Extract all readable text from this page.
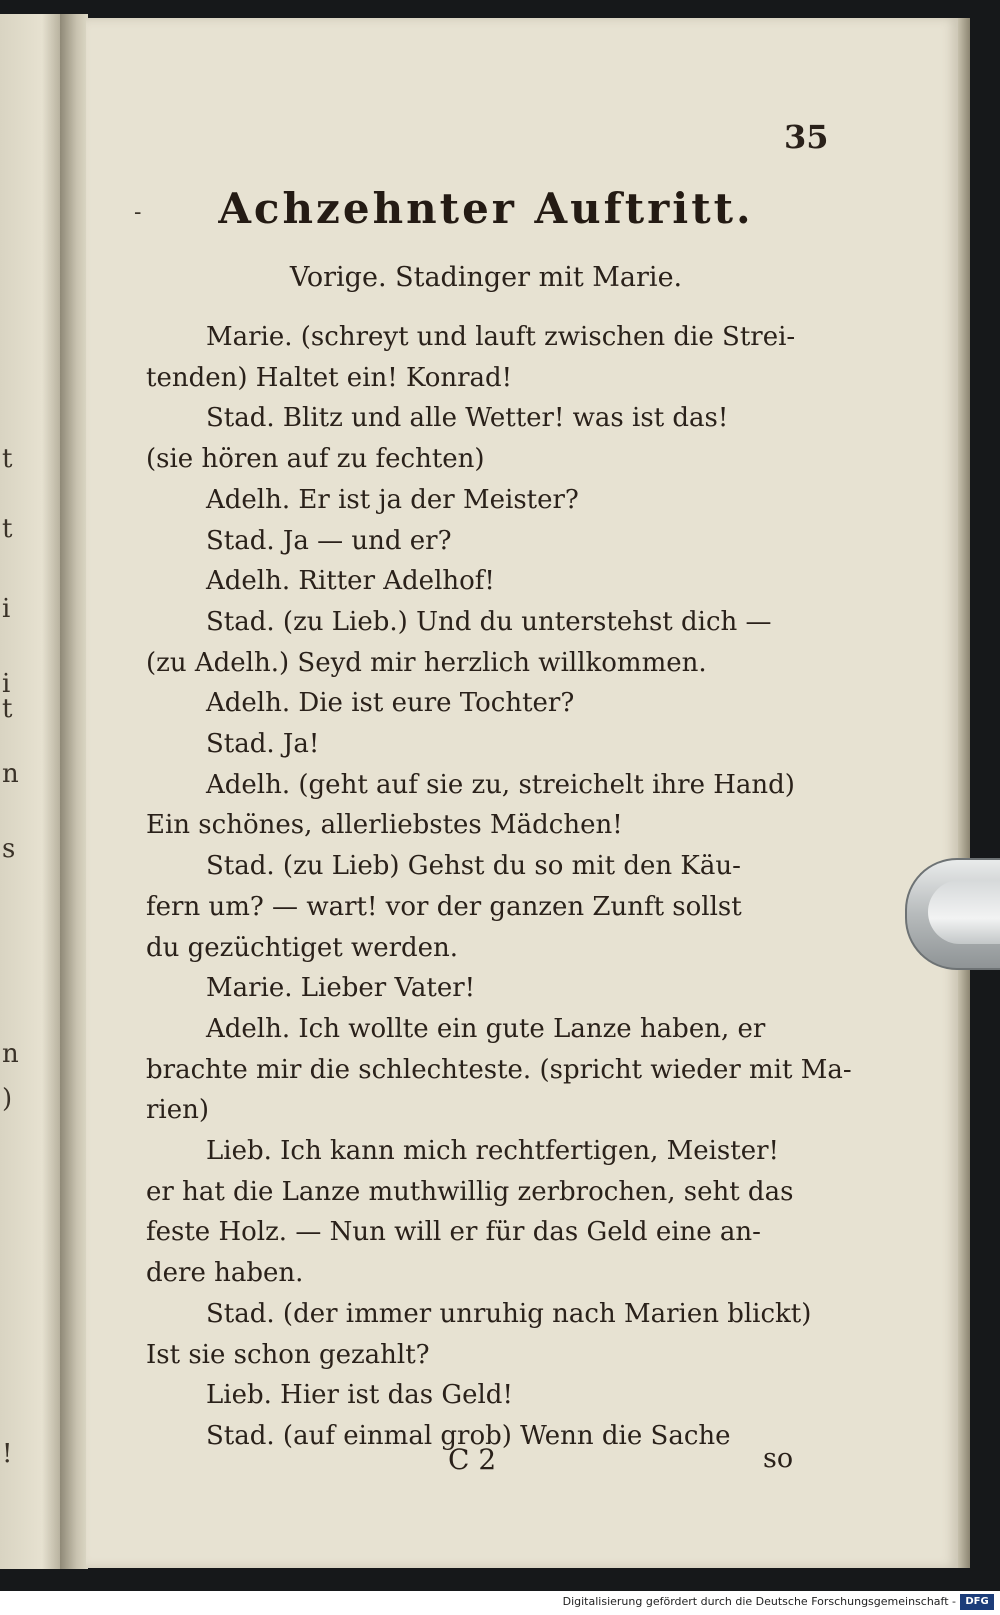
t
t
i
i
t
n
s
n
)
!
35
-	Achzehnter Auftritt.
Vorige. Stadinger mit Marie.
Marie. (schreyt und lauft zwischen die Strei-
tenden) Haltet ein! Konrad!
Stad. Blitz und alle Wetter! was ist das!
(sie hören auf zu fechten)
Adelh. Er ist ja der Meister?
Stad. Ja — und er?
Adelh. Ritter Adelhof!
Stad. (zu Lieb.) Und du unterstehst dich —
(zu Adelh.) Seyd mir herzlich willkommen.
Adelh. Die ist eure Tochter?
Stad. Ja!
Adelh. (geht auf sie zu, streichelt ihre Hand)
Ein schönes, allerliebstes Mädchen!
Stad. (zu Lieb) Gehst du so mit den Käu-
fern um? — wart! vor der ganzen Zunft sollst
du gezüchtiget werden.
Marie. Lieber Vater!
Adelh. Ich wollte ein gute Lanze haben, er
brachte mir die schlechteste. (spricht wieder mit Ma-
rien)
Lieb. Ich kann mich rechtfertigen, Meister!
er hat die Lanze muthwillig zerbrochen, seht das
feste Holz. — Nun will er für das Geld eine an-
dere haben.
Stad. (der immer unruhig nach Marien blickt)
Ist sie schon gezahlt?
Lieb. Hier ist das Geld!
Stad. (auf einmal grob) Wenn die Sache
C 2	so
Digitalisierung gefördert durch die Deutsche Forschungsgemeinschaft - DFG
